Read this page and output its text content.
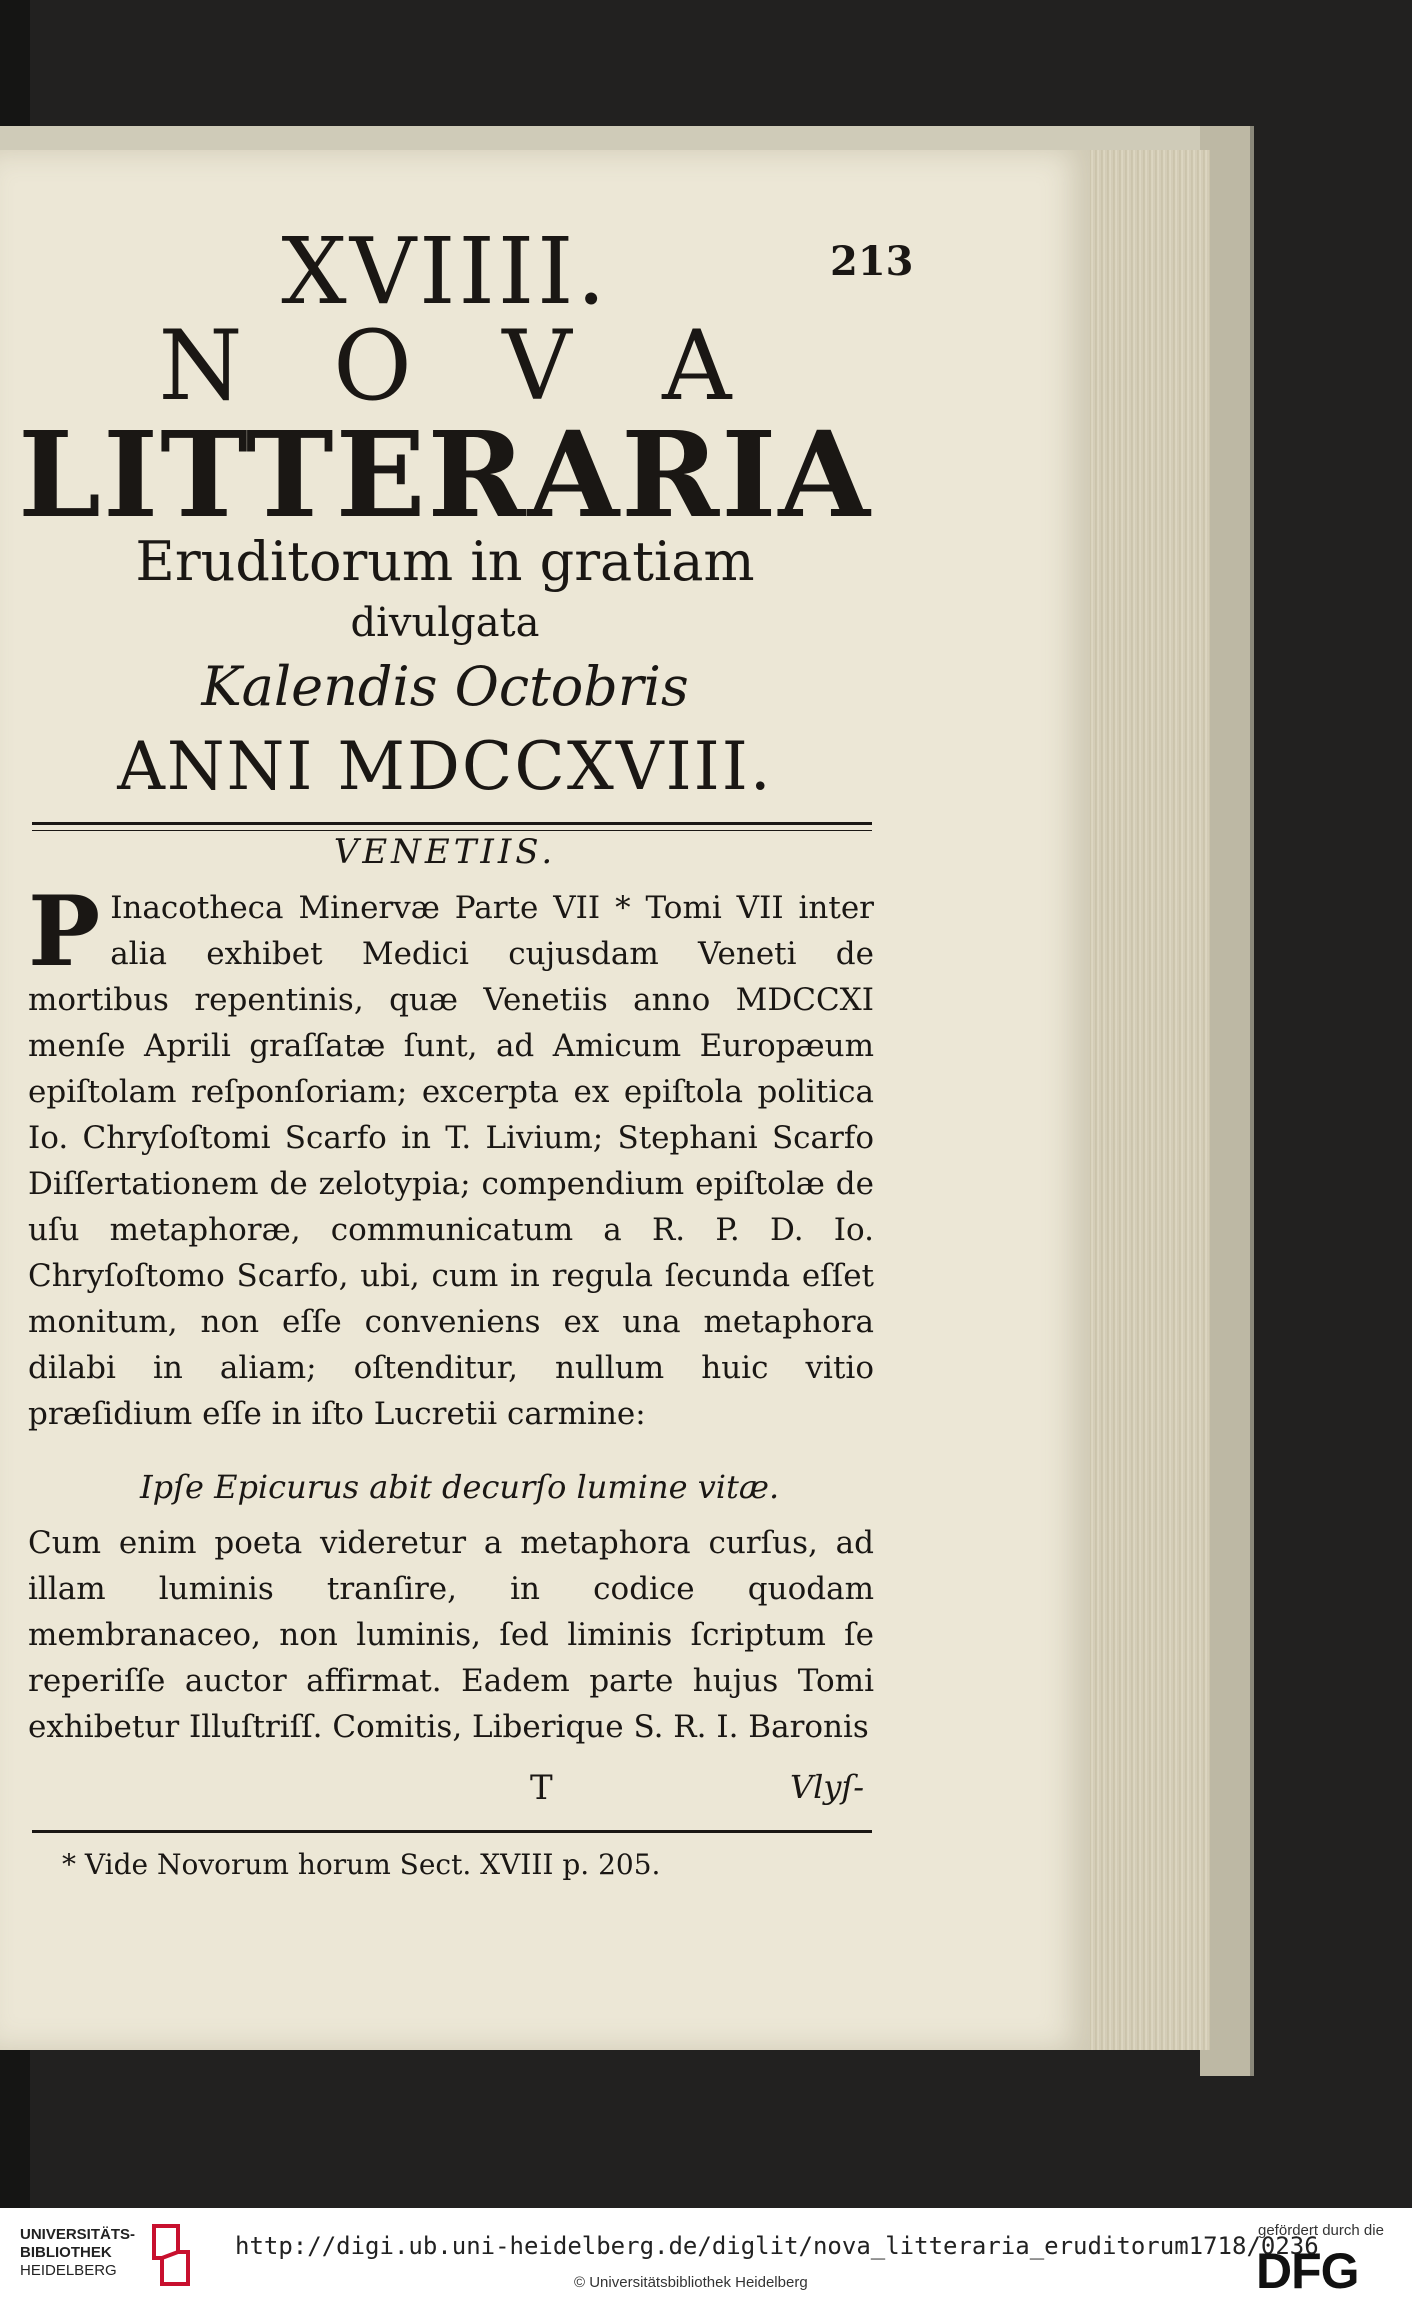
213
XVIIII.
N O V A
LITTERARIA
Eruditorum in gratiam
divulgata
Kalendis Octobris
ANNI MDCCXVIII.
VENETIIS.
P Inacotheca Minervæ Parte VII * Tomi VII inter alia exhibet Medici cujusdam Veneti de mortibus repentinis, quæ Venetiis anno MDCCXI menſe Aprili graſſatæ ſunt, ad Amicum Europæum epiſtolam reſponſoriam; excerpta ex epiſtola politica Io. Chryſoſtomi Scarfo in T. Livium; Stephani Scarfo Diſſertationem de zelotypia; compendium epiſtolæ de uſu metaphoræ, communicatum a R. P. D. Io. Chryſoſtomo Scarfo, ubi, cum in regula ſecunda eſſet monitum, non eſſe conveniens ex una metaphora dilabi in aliam; oſtenditur, nullum huic vitio præſidium eſſe in iſto Lucretii carmine:
Ipſe Epicurus abit decurſo lumine vitæ.
Cum enim poeta videretur a metaphora curſus, ad illam luminis tranſire, in codice quodam membranaceo, non luminis, ſed liminis ſcriptum ſe reperiſſe auctor affirmat. Eadem parte hujus Tomi exhibetur Illuſtriſſ. Comitis, Liberique S. R. I. Baronis
T	Vlyſ-
* Vide Novorum horum Sect. XVIII p. 205.
UNIVERSITÄTS-
BIBLIOTHEK
HEIDELBERG
http://digi.ub.uni-heidelberg.de/diglit/nova_litteraria_eruditorum1718/0236
© Universitätsbibliothek Heidelberg
gefördert durch die
DFG
